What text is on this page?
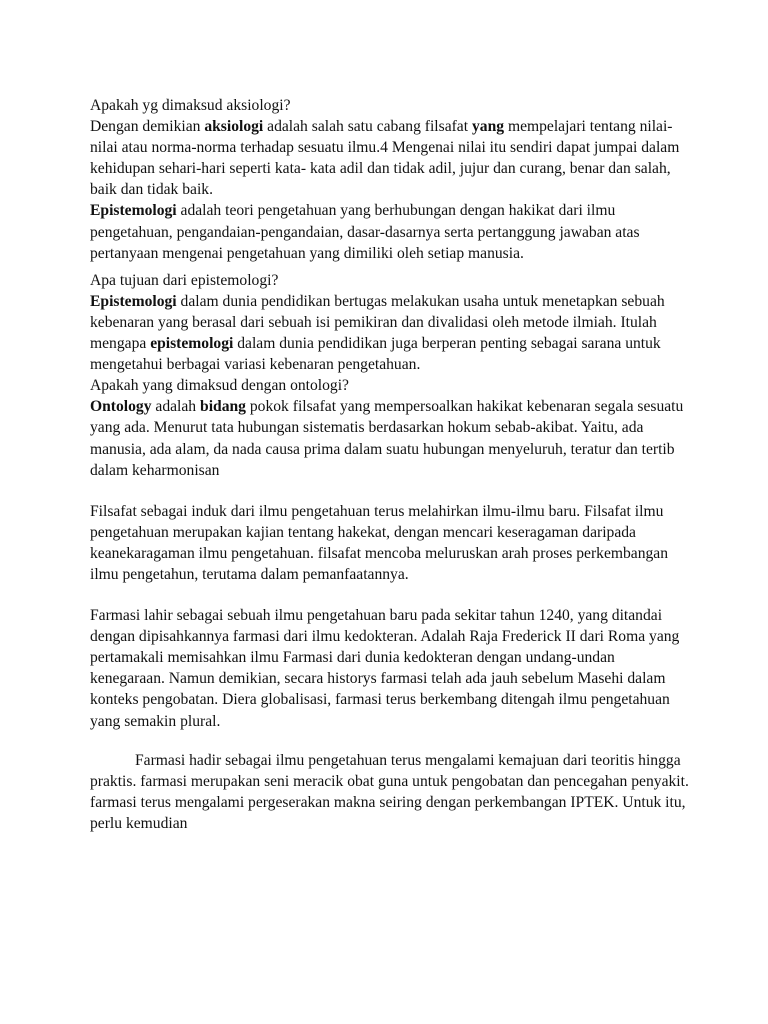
Apakah yg dimaksud aksiologi?

Dengan demikian aksiologi adalah salah satu cabang filsafat yang mempelajari tentang nilai-nilai atau norma-norma terhadap sesuatu ilmu.4 Mengenai nilai itu sendiri dapat jumpai dalam kehidupan sehari-hari seperti kata- kata adil dan tidak adil, jujur dan curang, benar dan salah, baik dan tidak baik.

Epistemologi adalah teori pengetahuan yang berhubungan dengan hakikat dari ilmu pengetahuan, pengandaian-pengandaian, dasar-dasarnya serta pertanggung jawaban atas pertanyaan mengenai pengetahuan yang dimiliki oleh setiap manusia.

Apa tujuan dari epistemologi?

Epistemologi dalam dunia pendidikan bertugas melakukan usaha untuk menetapkan sebuah kebenaran yang berasal dari sebuah isi pemikiran dan divalidasi oleh metode ilmiah. Itulah mengapa epistemologi dalam dunia pendidikan juga berperan penting sebagai sarana untuk mengetahui berbagai variasi kebenaran pengetahuan.

Apakah yang dimaksud dengan ontologi?

Ontology adalah bidang pokok filsafat yang mempersoalkan hakikat kebenaran segala sesuatu yang ada. Menurut tata hubungan sistematis berdasarkan hokum sebab-akibat. Yaitu, ada manusia, ada alam, da nada causa prima dalam suatu hubungan menyeluruh, teratur dan tertib dalam keharmonisan

Filsafat sebagai induk dari ilmu pengetahuan terus melahirkan ilmu-ilmu baru. Filsafat ilmu pengetahuan merupakan kajian tentang hakekat, dengan mencari keseragaman daripada keanekaragaman ilmu pengetahuan. filsafat mencoba meluruskan arah proses perkembangan ilmu pengetahun, terutama dalam pemanfaatannya.

Farmasi lahir sebagai sebuah ilmu pengetahuan baru pada sekitar tahun 1240, yang ditandai dengan dipisahkannya farmasi dari ilmu kedokteran. Adalah Raja Frederick II dari Roma yang pertamakali memisahkan ilmu Farmasi dari dunia kedokteran dengan undang-undan kenegaraan. Namun demikian, secara historys farmasi telah ada jauh sebelum Masehi dalam konteks pengobatan. Diera globalisasi, farmasi terus berkembang ditengah ilmu pengetahuan yang semakin plural.

Farmasi hadir sebagai ilmu pengetahuan terus mengalami kemajuan dari teoritis hingga praktis. farmasi merupakan seni meracik obat guna untuk pengobatan dan pencegahan penyakit. farmasi terus mengalami pergeserakan makna seiring dengan perkembangan IPTEK. Untuk itu, perlu kemudian
